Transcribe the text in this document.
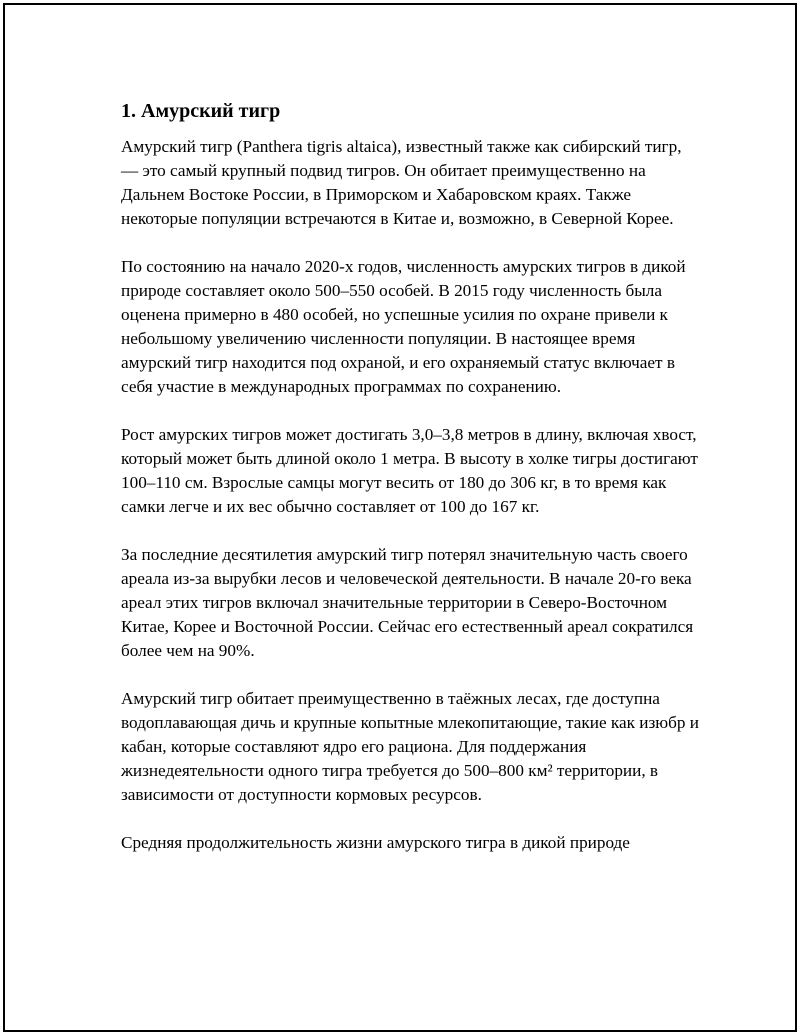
1. Амурский тигр

Амурский тигр (Panthera tigris altaica), известный также как сибирский тигр, — это самый крупный подвид тигров. Он обитает преимущественно на Дальнем Востоке России, в Приморском и Хабаровском краях. Также некоторые популяции встречаются в Китае и, возможно, в Северной Корее.

По состоянию на начало 2020-х годов, численность амурских тигров в дикой природе составляет около 500–550 особей. В 2015 году численность была оценена примерно в 480 особей, но успешные усилия по охране привели к небольшому увеличению численности популяции. В настоящее время амурский тигр находится под охраной, и его охраняемый статус включает в себя участие в международных программах по сохранению.

Рост амурских тигров может достигать 3,0–3,8 метров в длину, включая хвост, который может быть длиной около 1 метра. В высоту в холке тигры достигают 100–110 см. Взрослые самцы могут весить от 180 до 306 кг, в то время как самки легче и их вес обычно составляет от 100 до 167 кг.

За последние десятилетия амурский тигр потерял значительную часть своего ареала из-за вырубки лесов и человеческой деятельности. В начале 20-го века ареал этих тигров включал значительные территории в Северо-Восточном Китае, Корее и Восточной России. Сейчас его естественный ареал сократился более чем на 90%.

Амурский тигр обитает преимущественно в таёжных лесах, где доступна водоплавающая дичь и крупные копытные млекопитающие, такие как изюбр и кабан, которые составляют ядро его рациона. Для поддержания жизнедеятельности одного тигра требуется до 500–800 км² территории, в зависимости от доступности кормовых ресурсов.

Средняя продолжительность жизни амурского тигра в дикой природе
